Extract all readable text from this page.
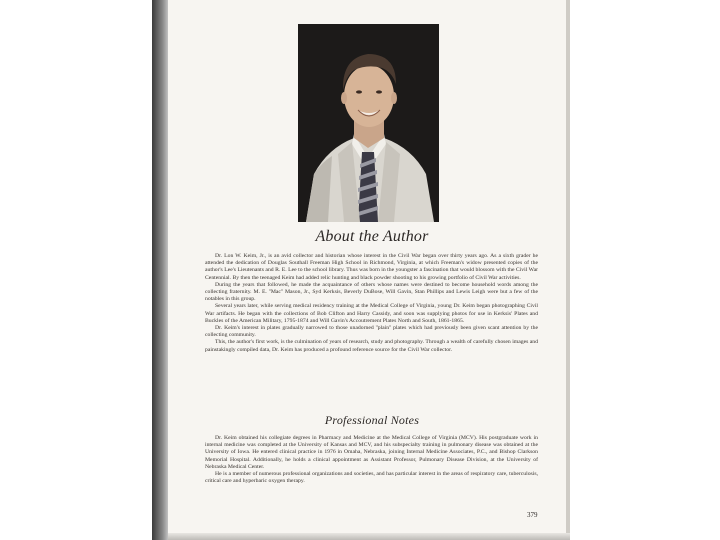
About the Author

Dr. Lon W. Keim, Jr., is an avid collector and historian whose interest in the Civil War began over thirty years ago. As a sixth grader he attended the dedication of Douglas Southall Freeman High School in Richmond, Virginia, at which Freeman's widow presented copies of the author's Lee's Lieutenants and R. E. Lee to the school library. Thus was born in the youngster a fascination that would blossom with the Civil War Centennial. By then the teenaged Keim had added relic hunting and black powder shooting to his growing portfolio of Civil War activities.

During the years that followed, he made the acquaintance of others whose names were destined to become household words among the collecting fraternity. M. E. ''Mac'' Mason, Jr., Syd Kerksis, Beverly DuBose, Will Gavin, Stan Phillips and Lewis Leigh were but a few of the notables in this group.

Several years later, while serving medical residency training at the Medical College of Virginia, young Dr. Keim began photographing Civil War artifacts. He began with the collections of Bob Clifton and Harry Cassidy, and soon was supplying photos for use in Kerksis' Plates and Buckles of the American Military, 1795-1874 and Will Gavin's Accoutrement Plates North and South, 1861-1865.

Dr. Keim's interest in plates gradually narrowed to those unadorned ''plain'' plates which had previously been given scant attention by the collecting community.

This, the author's first work, is the culmination of years of research, study and photography. Through a wealth of carefully chosen images and painstakingly compiled data, Dr. Keim has produced a profound reference source for the Civil War collector.

Professional Notes

Dr. Keim obtained his collegiate degrees in Pharmacy and Medicine at the Medical College of Virginia (MCV). His postgraduate work in internal medicine was completed at the University of Kansas and MCV, and his subspecialty training in pulmonary disease was obtained at the University of Iowa. He entered clinical practice in 1976 in Omaha, Nebraska, joining Internal Medicine Associates, P.C., and Bishop Clarkson Memorial Hospital. Additionally, he holds a clinical appointment as Assistant Professor, Pulmonary Disease Division, at the University of Nebraska Medical Center.

He is a member of numerous professional organizations and societies, and has particular interest in the areas of respiratory care, tuberculosis, critical care and hyperbaric oxygen therapy.

379
